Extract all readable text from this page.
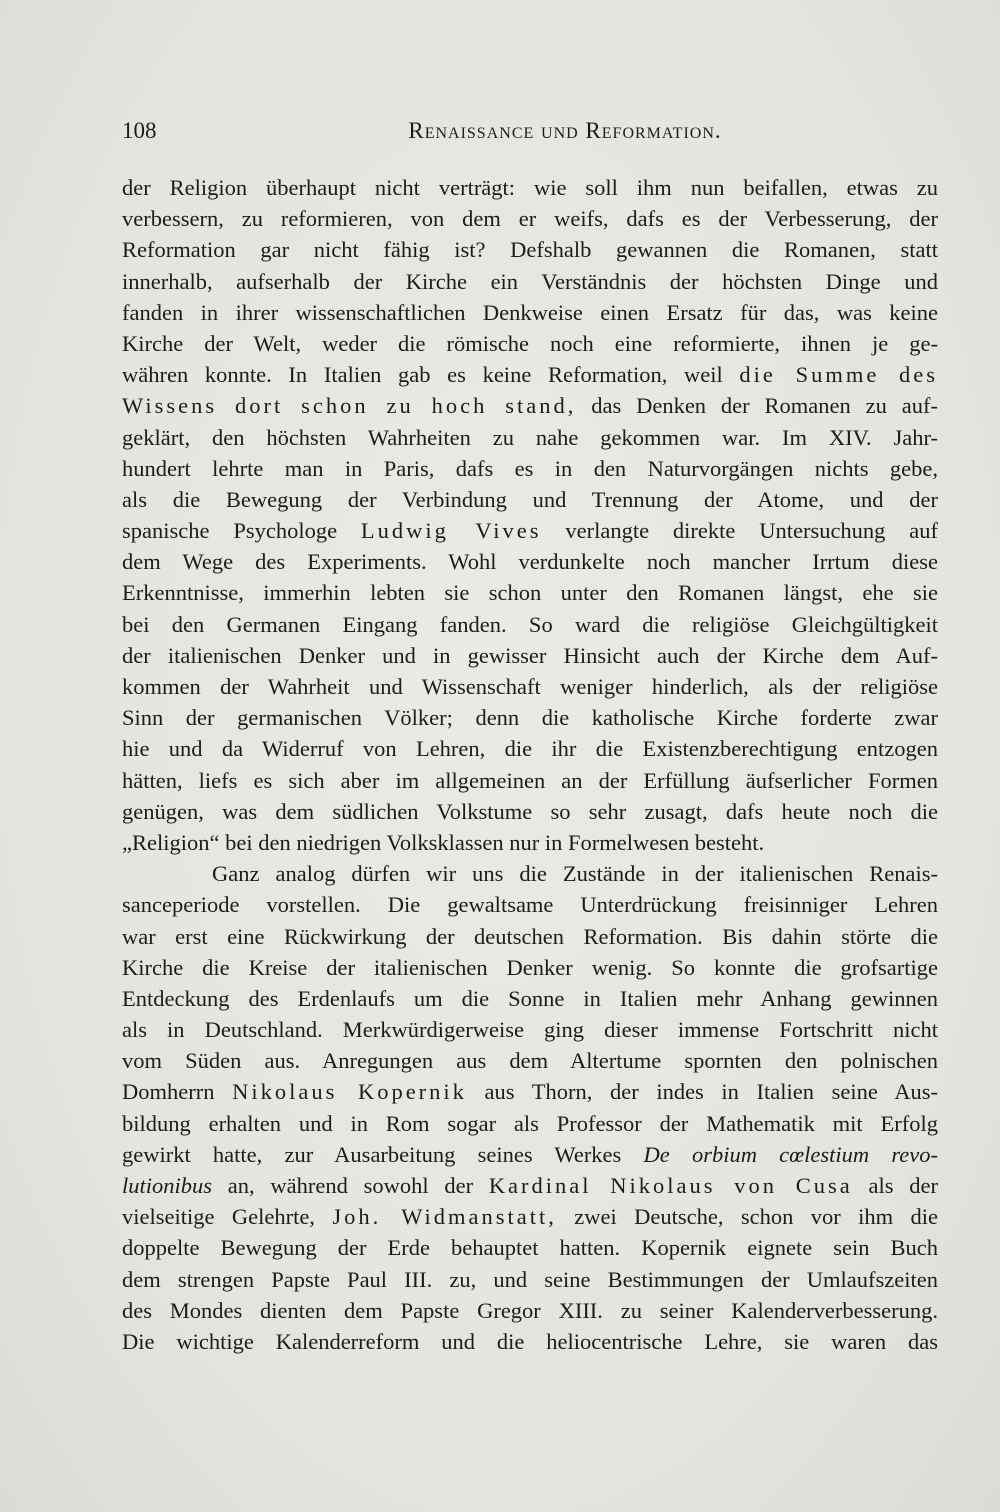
108	Renaissance und Reformation.
der Religion überhaupt nicht verträgt: wie soll ihm nun beifallen, etwas zu
verbessern, zu reformieren, von dem er weifs, dafs es der Verbesserung, der
Reformation gar nicht fähig ist? Defshalb gewannen die Romanen, statt
innerhalb, aufserhalb der Kirche ein Verständnis der höchsten Dinge und
fanden in ihrer wissenschaftlichen Denkweise einen Ersatz für das, was keine
Kirche der Welt, weder die römische noch eine reformierte, ihnen je ge-
währen konnte. In Italien gab es keine Reformation, weil die Summe des
Wissens dort schon zu hoch stand, das Denken der Romanen zu auf-
geklärt, den höchsten Wahrheiten zu nahe gekommen war. Im XIV. Jahr-
hundert lehrte man in Paris, dafs es in den Naturvorgängen nichts gebe,
als die Bewegung der Verbindung und Trennung der Atome, und der
spanische Psychologe Ludwig Vives verlangte direkte Untersuchung auf
dem Wege des Experiments. Wohl verdunkelte noch mancher Irrtum diese
Erkenntnisse, immerhin lebten sie schon unter den Romanen längst, ehe sie
bei den Germanen Eingang fanden. So ward die religiöse Gleichgültigkeit
der italienischen Denker und in gewisser Hinsicht auch der Kirche dem Auf-
kommen der Wahrheit und Wissenschaft weniger hinderlich, als der religiöse
Sinn der germanischen Völker; denn die katholische Kirche forderte zwar
hie und da Widerruf von Lehren, die ihr die Existenzberechtigung entzogen
hätten, liefs es sich aber im allgemeinen an der Erfüllung äufserlicher Formen
genügen, was dem südlichen Volkstume so sehr zusagt, dafs heute noch die
„Religion“ bei den niedrigen Volksklassen nur in Formelwesen besteht.
Ganz analog dürfen wir uns die Zustände in der italienischen Renais-
sanceperiode vorstellen. Die gewaltsame Unterdrückung freisinniger Lehren
war erst eine Rückwirkung der deutschen Reformation. Bis dahin störte die
Kirche die Kreise der italienischen Denker wenig. So konnte die grofsartige
Entdeckung des Erdenlaufs um die Sonne in Italien mehr Anhang gewinnen
als in Deutschland. Merkwürdigerweise ging dieser immense Fortschritt nicht
vom Süden aus. Anregungen aus dem Altertume spornten den polnischen
Domherrn Nikolaus Kopernik aus Thorn, der indes in Italien seine Aus-
bildung erhalten und in Rom sogar als Professor der Mathematik mit Erfolg
gewirkt hatte, zur Ausarbeitung seines Werkes De orbium cœlestium revo-
lutionibus an, während sowohl der Kardinal Nikolaus von Cusa als der
vielseitige Gelehrte, Joh. Widmanstatt, zwei Deutsche, schon vor ihm die
doppelte Bewegung der Erde behauptet hatten. Kopernik eignete sein Buch
dem strengen Papste Paul III. zu, und seine Bestimmungen der Umlaufszeiten
des Mondes dienten dem Papste Gregor XIII. zu seiner Kalenderverbesserung.
Die wichtige Kalenderreform und die heliocentrische Lehre, sie waren das
